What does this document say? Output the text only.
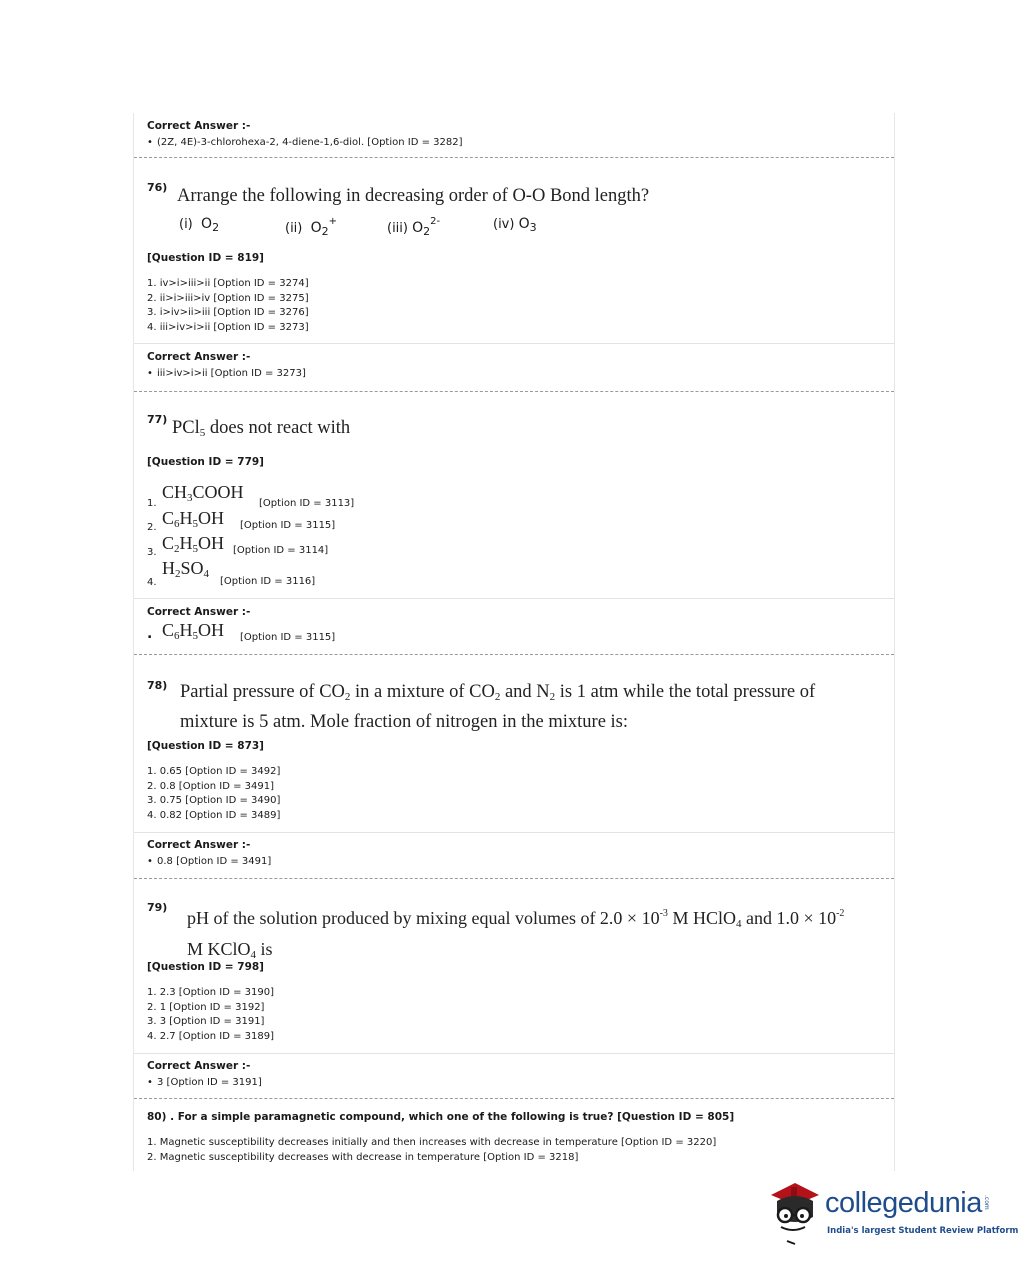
Correct Answer :-
• (2Z, 4E)-3-chlorohexa-2, 4-diene-1,6-diol. [Option ID = 3282]
76) Arrange the following in decreasing order of O-O Bond length?
(i) $O_2$	(ii) $O_2^+$	(iii) $O_2^{2-}$	(iv) $O_3$
[Question ID = 819]
1. iv>i>iii>ii [Option ID = 3274]
2. ii>i>iii>iv [Option ID = 3275]
3. i>iv>ii>iii [Option ID = 3276]
4. iii>iv>i>ii [Option ID = 3273]
Correct Answer :-
• iii>iv>i>ii [Option ID = 3273]
77) PCl$_5$ does not react with
[Question ID = 779]
1.
$CH_3COOH$
[Option ID = 3113]
2. $C_6H_5OH$ [Option ID = 3115]
3. $C_2H_5OH$ [Option ID = 3114]
4.
$H_2SO_4$
[Option ID = 3116]
Correct Answer :-
. $C_6H_5OH$ [Option ID = 3115]
78) Partial pressure of $CO_2$ in a mixture of $CO_2$ and $N_2$ is 1 atm while the total pressure of
mixture is 5 atm. Mole fraction of nitrogen in the mixture is:
[Question ID = 873]
1. 0.65 [Option ID = 3492]
2. 0.8 [Option ID = 3491]
3. 0.75 [Option ID = 3490]
4. 0.82 [Option ID = 3489]
Correct Answer :-
• 0.8 [Option ID = 3491]
79)
pH of the solution produced by mixing equal volumes of $2.0 \times 10^{-3}$ M HClO$_4$ and $1.0 \times 10^{-2}$
M KClO$_4$ is
[Question ID = 798]
1. 2.3 [Option ID = 3190]
2. 1 [Option ID = 3192]
3. 3 [Option ID = 3191]
4. 2.7 [Option ID = 3189]
Correct Answer :-
• 3 [Option ID = 3191]
80) . For a simple paramagnetic compound, which one of the following is true? [Question ID = 805]
1. Magnetic susceptibility decreases initially and then increases with decrease in temperature [Option ID = 3220]
2. Magnetic susceptibility decreases with decrease in temperature [Option ID = 3218]
collegedunia .com
India's largest Student Review Platform
